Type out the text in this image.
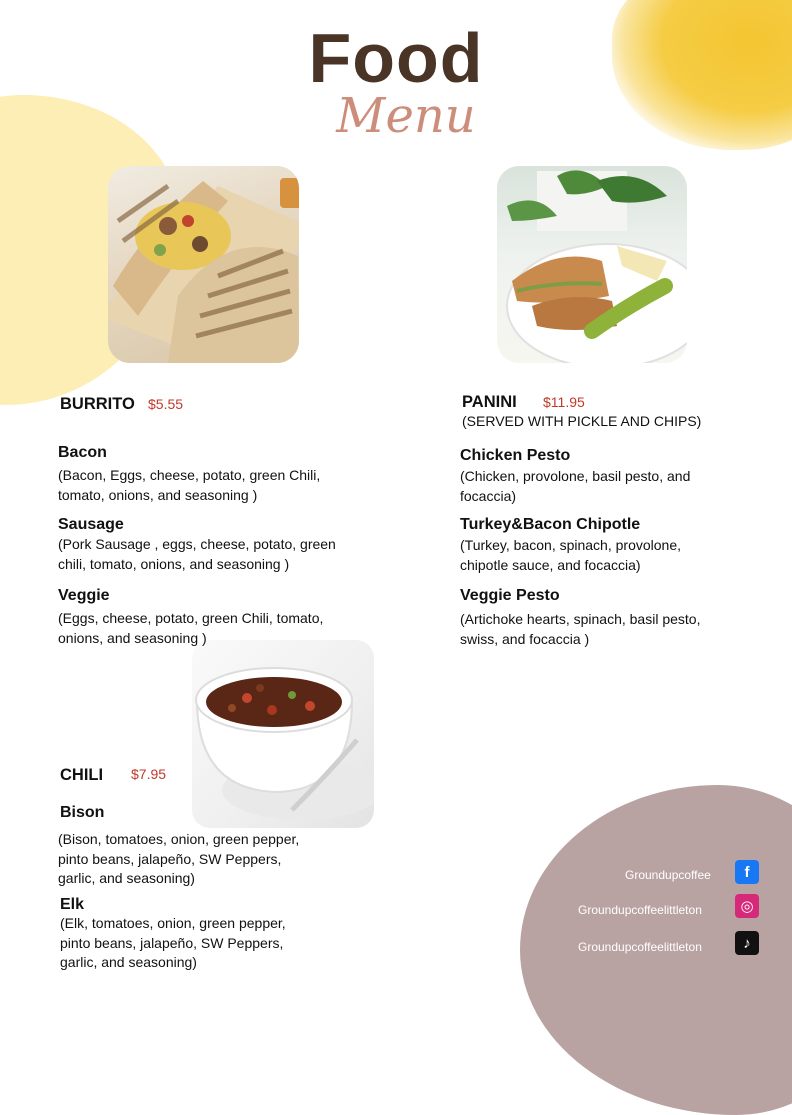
Food
Menu
BURRITO $5.55
Bacon
(Bacon, Eggs, cheese, potato, green Chili,
tomato, onions, and seasoning )
Sausage
(Pork Sausage , eggs, cheese, potato, green
chili, tomato, onions, and seasoning )
Veggie
(Eggs, cheese, potato, green Chili, tomato,
onions, and seasoning )
PANINI $11.95
(SERVED WITH PICKLE AND CHIPS)
Chicken Pesto
(Chicken, provolone, basil pesto, and
focaccia)
Turkey&Bacon Chipotle
(Turkey, bacon, spinach, provolone,
chipotle sauce, and focaccia)
Veggie Pesto
(Artichoke hearts, spinach, basil pesto,
swiss, and focaccia )
CHILI $7.95
Bison
(Bison, tomatoes, onion, green pepper,
pinto beans, jalapeño, SW Peppers,
garlic, and seasoning)
Elk
(Elk, tomatoes, onion, green pepper,
pinto beans, jalapeño, SW Peppers,
garlic, and seasoning)
Groundupcoffee f
Groundupcoffeelittleton	◎
Groundupcoffeelittleton	♪
